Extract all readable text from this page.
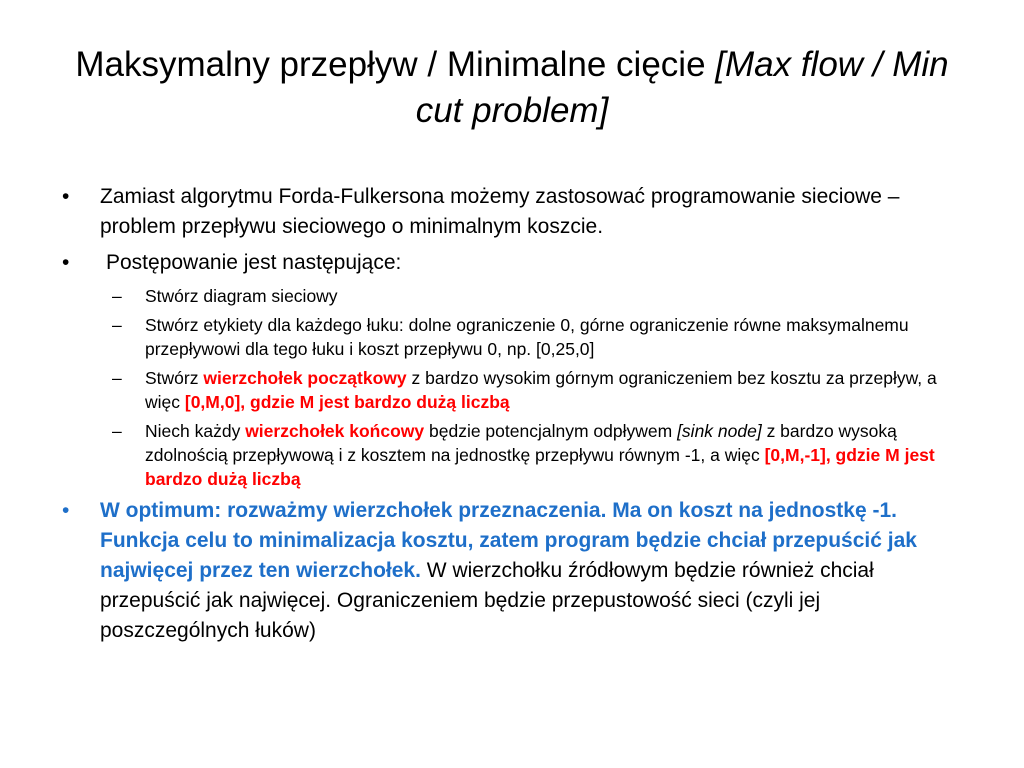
Maksymalny przepływ / Minimalne cięcie [Max flow / Min cut problem]
• Zamiast algorytmu Forda-Fulkersona możemy zastosować programowanie sieciowe – problem przepływu sieciowego o minimalnym koszcie.
• Postępowanie jest następujące:
– Stwórz diagram sieciowy
– Stwórz etykiety dla każdego łuku: dolne ograniczenie 0, górne ograniczenie równe maksymalnemu przepływowi dla tego łuku i koszt przepływu 0, np. [0,25,0]
– Stwórz wierzchołek początkowy z bardzo wysokim górnym ograniczeniem bez kosztu za przepływ, a więc [0,M,0], gdzie M jest bardzo dużą liczbą
– Niech każdy wierzchołek końcowy będzie potencjalnym odpływem [sink node] z bardzo wysoką zdolnością przepływową i z kosztem na jednostkę przepływu równym -1, a więc [0,M,-1], gdzie M jest bardzo dużą liczbą
• W optimum: rozważmy wierzchołek przeznaczenia. Ma on koszt na jednostkę -1. Funkcja celu to minimalizacja kosztu, zatem program będzie chciał przepuścić jak najwięcej przez ten wierzchołek. W wierzchołku źródłowym będzie również chciał przepuścić jak najwięcej. Ograniczeniem będzie przepustowość sieci (czyli jej poszczególnych łuków)
